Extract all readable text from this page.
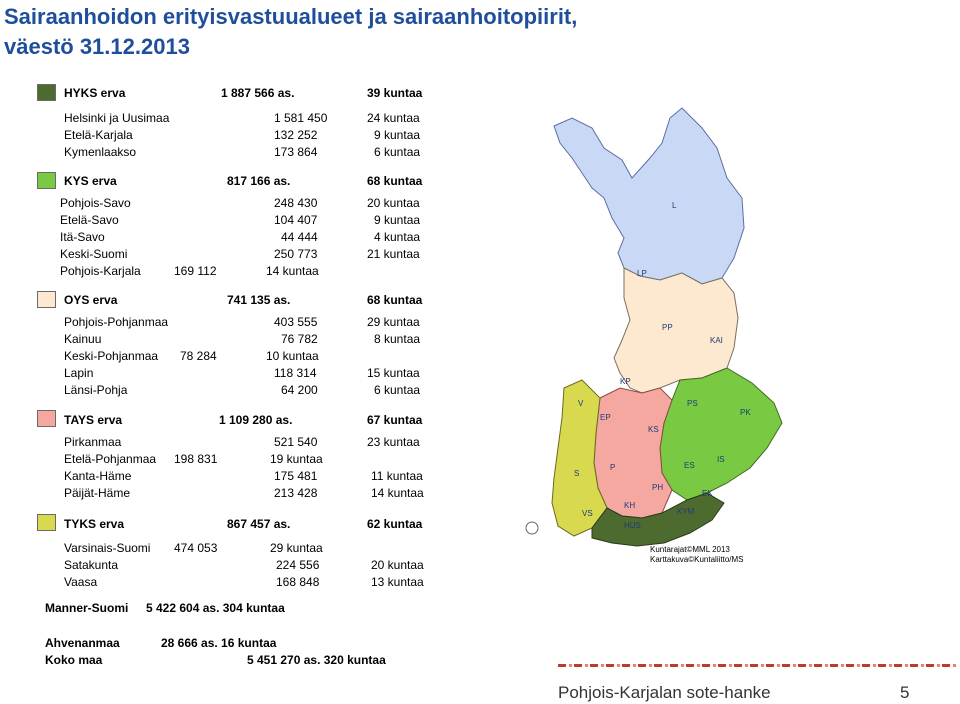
Sairaanhoidon erityisvastuualueet ja sairaanhoitopiirit,
väestö 31.12.2013
HYKS erva	1 887 566 as.	39 kuntaa
Helsinki ja Uusimaa	1 581 450	24 kuntaa
Etelä-Karjala	132 252	9 kuntaa
Kymenlaakso	173 864	6 kuntaa
KYS erva	817 166 as.	68 kuntaa
Pohjois-Savo	248 430	20 kuntaa
Etelä-Savo	104 407	9 kuntaa
Itä-Savo	44 444	4 kuntaa
Keski-Suomi	250 773	21 kuntaa
Pohjois-Karjala	169 112	14 kuntaa
OYS erva	741 135 as.	68 kuntaa
Pohjois-Pohjanmaa	403 555	29 kuntaa
Kainuu	76 782	8 kuntaa
Keski-Pohjanmaa 78 284	10 kuntaa
Lapin	118 314	15 kuntaa
Länsi-Pohja	64 200	6 kuntaa
TAYS erva	1 109 280 as.	67 kuntaa
Pirkanmaa	521 540	23 kuntaa
Etelä-Pohjanmaa 198 831	19 kuntaa
Kanta-Häme	175 481	11 kuntaa
Päijät-Häme	213 428	14 kuntaa
TYKS erva	867 457 as.	62 kuntaa
Varsinais-Suomi 474 053	29 kuntaa
Satakunta	224 556	20 kuntaa
Vaasa	168 848	13 kuntaa
Manner-Suomi 5 422 604 as. 304 kuntaa
Ahvenanmaa	28 666 as. 16 kuntaa
Koko maa	5 451 270 as. 320 kuntaa
L
LP
PP
KAI
KP
PS
PK
V
EP
KS
S
P	ES
IS
PH
EK
KH
VS
HUS
KYM
Kuntarajat©MML 2013
Karttakuva©Kuntaliitto/MS
Pohjois-Karjalan sote-hanke	5
